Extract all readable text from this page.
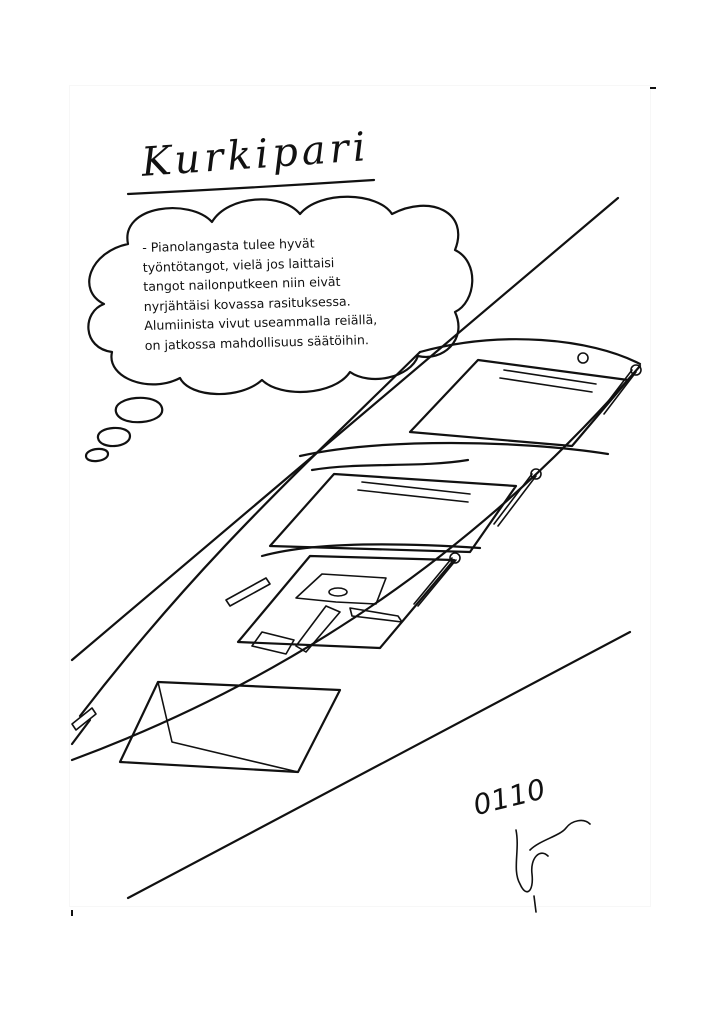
Kurkipari
- Pianolangasta tulee hyvät
työntötangot, vielä jos laittaisi
tangot nailonputkeen niin eivät
nyrjähtäisi kovassa rasituksessa.
Alumiinista vivut useammalla reiällä,
on jatkossa mahdollisuus säätöihin.
0110
